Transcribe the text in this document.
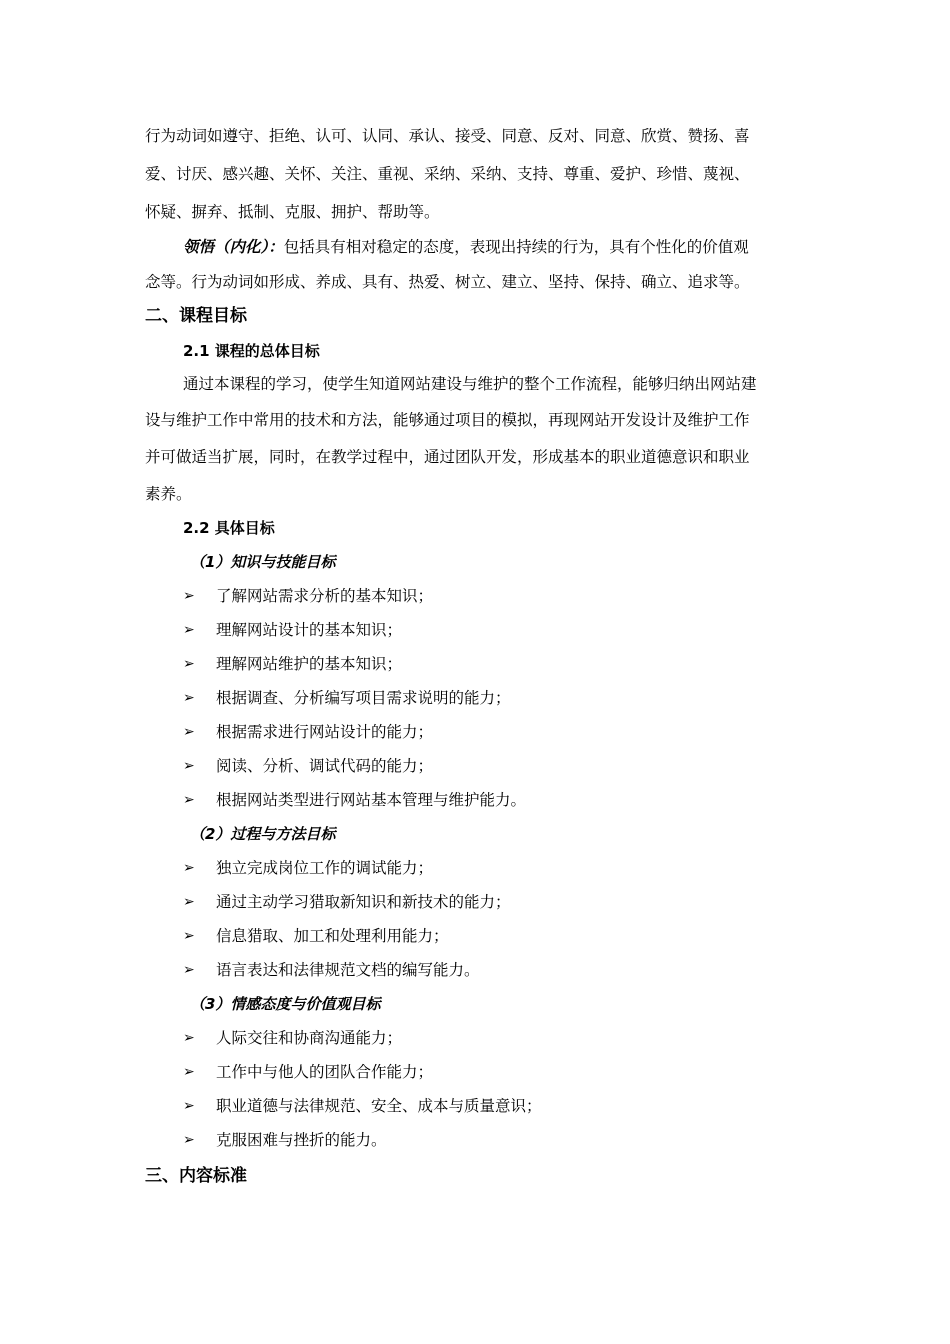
行为动词如遵守、拒绝、认可、认同、承认、接受、同意、反对、同意、欣赏、赞扬、喜
爱、讨厌、感兴趣、关怀、关注、重视、采纳、采纳、支持、尊重、爱护、珍惜、蔑视、
怀疑、摒弃、抵制、克服、拥护、帮助等。
领悟（内化）：包括具有相对稳定的态度，表现出持续的行为，具有个性化的价值观
念等。行为动词如形成、养成、具有、热爱、树立、建立、坚持、保持、确立、追求等。
二、课程目标
2.1 课程的总体目标
通过本课程的学习，使学生知道网站建设与维护的整个工作流程，能够归纳出网站建
设与维护工作中常用的技术和方法，能够通过项目的模拟，再现网站开发设计及维护工作
并可做适当扩展，同时，在教学过程中，通过团队开发，形成基本的职业道德意识和职业
素养。
2.2 具体目标
（1）知识与技能目标
➢ 了解网站需求分析的基本知识；
➢ 理解网站设计的基本知识；
➢ 理解网站维护的基本知识；
➢ 根据调查、分析编写项目需求说明的能力；
➢ 根据需求进行网站设计的能力；
➢ 阅读、分析、调试代码的能力；
➢ 根据网站类型进行网站基本管理与维护能力。
（2）过程与方法目标
➢ 独立完成岗位工作的调试能力；
➢ 通过主动学习猎取新知识和新技术的能力；
➢ 信息猎取、加工和处理利用能力；
➢ 语言表达和法律规范文档的编写能力。
（3）情感态度与价值观目标
➢ 人际交往和协商沟通能力；
➢ 工作中与他人的团队合作能力；
➢ 职业道德与法律规范、安全、成本与质量意识；
➢ 克服困难与挫折的能力。
三、内容标准
